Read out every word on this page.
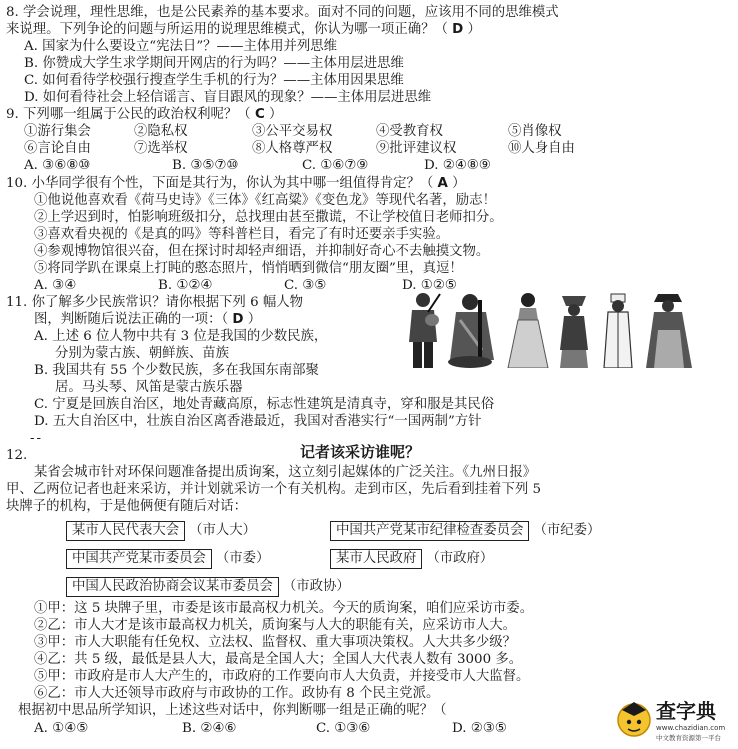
8. 学会说理，理性思维，也是公民素养的基本要求。面对不同的问题，应该用不同的思维模式
来说理。下列争论的问题与所运用的说理思维模式，你认为哪一项正确？（ D ）
A. 国家为什么要设立“宪法日”？——主体用并列思维
B. 你赞成大学生求学期间开网店的行为吗？——主体用层进思维
C. 如何看待学校强行搜查学生手机的行为？——主体用因果思维
D. 如何看待社会上轻信谣言、盲目跟风的现象？——主体用层进思维
9. 下列哪一组属于公民的政治权利呢？（ C ）
①游行集会	②隐私权	③公平交易权	④受教育权	⑤肖像权
⑥言论自由	⑦选举权	⑧人格尊严权	⑨批评建议权	⑩人身自由
A. ③⑥⑧⑩	B. ③⑤⑦⑩	C. ①⑥⑦⑨	D. ②④⑧⑨
10. 小华同学很有个性，下面是其行为，你认为其中哪一组值得肯定？（ A ）
①他说他喜欢看《荷马史诗》《三体》《红高粱》《变色龙》等现代名著，励志！
②上学迟到时，怕影响班级扣分，总找理由甚至撒谎，不让学校值日老师扣分。
③喜欢看央视的《是真的吗》等科普栏目，看完了有时还要亲手实验。
④参观博物馆很兴奋，但在探讨时却轻声细语，并抑制好奇心不去触摸文物。
⑤将同学趴在课桌上打盹的憨态照片，悄悄晒到微信“朋友圈”里，真逗！
A. ③④	B. ①②④	C. ③⑤	D. ①②⑤
11. 你了解多少民族常识？请你根据下列 6 幅人物
图，判断随后说法正确的一项：（ D ）
A. 上述 6 位人物中共有 3 位是我国的少数民族，
分别为蒙古族、朝鲜族、苗族
B. 我国共有 55 个少数民族，多在我国东南部聚
居。马头琴、风笛是蒙古族乐器
C. 宁夏是回族自治区，地处青藏高原，标志性建筑是清真寺，穿和服是其民俗
D. 五大自治区中，壮族自治区离香港最近，我国对香港实行“一国两制”方针
--
12.	记者该采访谁呢？
某省会城市针对环保问题准备提出质询案，这立刻引起媒体的广泛关注。《九州日报》
甲、乙两位记者也赶来采访，并计划就采访一个有关机构。走到市区，先后看到挂着下列 5
块牌子的机构，于是他俩便有随后对话：
某市人民代表大会 （市人大）	中国共产党某市纪律检查委员会 （市纪委）
中国共产党某市委员会 （市委）	某市人民政府 （市政府）
中国人民政治协商会议某市委员会 （市政协）
①甲：这 5 块牌子里，市委是该市最高权力机关。今天的质询案，咱们应采访市委。
②乙：市人大才是该市最高权力机关，质询案与人大的职能有关，应采访市人大。
③甲：市人大职能有任免权、立法权、监督权、重大事项决策权。人大共多少级？
④乙：共 5 级，最低是县人大，最高是全国人大；全国人大代表人数有 3000 多。
⑤甲：市政府是市人大产生的，市政府的工作要向市人大负责，并接受市人大监督。
⑥乙：市人大还领导市政府与市政协的工作。政协有 8 个民主党派。
根据初中思品所学知识，上述这些对话中，你判断哪一组是正确的呢？（
A. ①④⑤	B. ②④⑥	C. ①③⑥	D. ②③⑤
查字典
www.chazidian.com
中文教育资源第一平台
